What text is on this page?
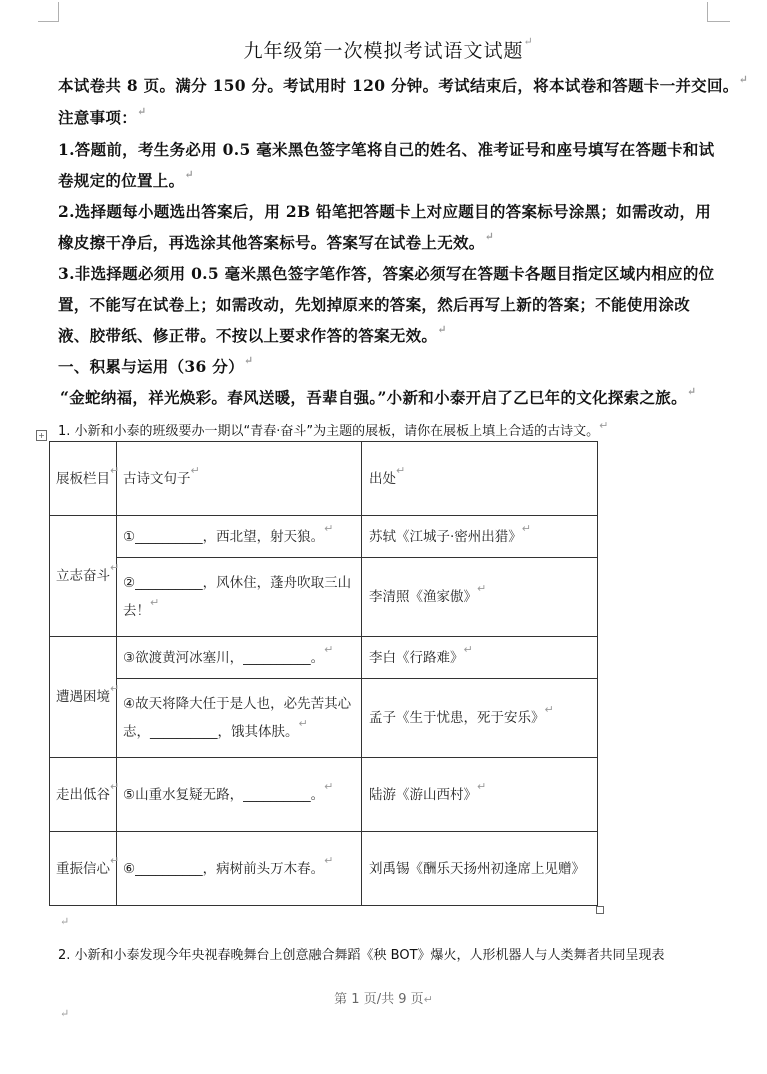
九年级第一次模拟考试语文试题 ↵
本试卷共 8 页。满分 150 分。考试用时 120 分钟。考试结束后，将本试卷和答题卡一并交回。 ↵
注意事项： ↵
1.答题前，考生务必用 0.5 毫米黑色签字笔将自己的姓名、准考证号和座号填写在答题卡和试
卷规定的位置上。 ↵
2.选择题每小题选出答案后，用 2B 铅笔把答题卡上对应题目的答案标号涂黑；如需改动，用
橡皮擦干净后，再选涂其他答案标号。答案写在试卷上无效。 ↵
3.非选择题必须用 0.5 毫米黑色签字笔作答，答案必须写在答题卡各题目指定区域内相应的位
置，不能写在试卷上；如需改动，先划掉原来的答案，然后再写上新的答案；不能使用涂改
液、胶带纸、修正带。不按以上要求作答的答案无效。 ↵
一、积累与运用（36 分） ↵
“金蛇纳福，祥光焕彩。春风送暖，吾辈自强。”小新和小泰开启了乙巳年的文化探索之旅。 ↵
+ 1. 小新和小泰的班级要办一期以“青春·奋斗”为主题的展板，请你在展板上填上合适的古诗文。 ↵
展板栏目
↵	古诗文句子
↵	出处
↵

立志奋斗
↵	①__________，西北望，射天狼。
↵	苏轼《江城子·密州出猎》
↵

	②__________，风休住，蓬舟吹取三山去！
↵	李清照《渔家傲》
↵

遭遇困境
↵	③欲渡黄河冰塞川，__________。
↵	李白《行路难》
↵

	④故天将降大任于是人也，必先苦其心志，__________，饿其体肤。
↵	孟子《生于忧患，死于安乐》
↵

走出低谷
↵	⑤山重水复疑无路，__________。
↵	陆游《游山西村》
↵

重振信心
↵	⑥__________，病树前头万木春。
↵	刘禹锡《酬乐天扬州初逢席上见赠》
↵
2. 小新和小泰发现今年央视春晚舞台上创意融合舞蹈《秧 BOT》爆火，人形机器人与人类舞者共同呈现表
第 1 页/共 9 页↵
↵
